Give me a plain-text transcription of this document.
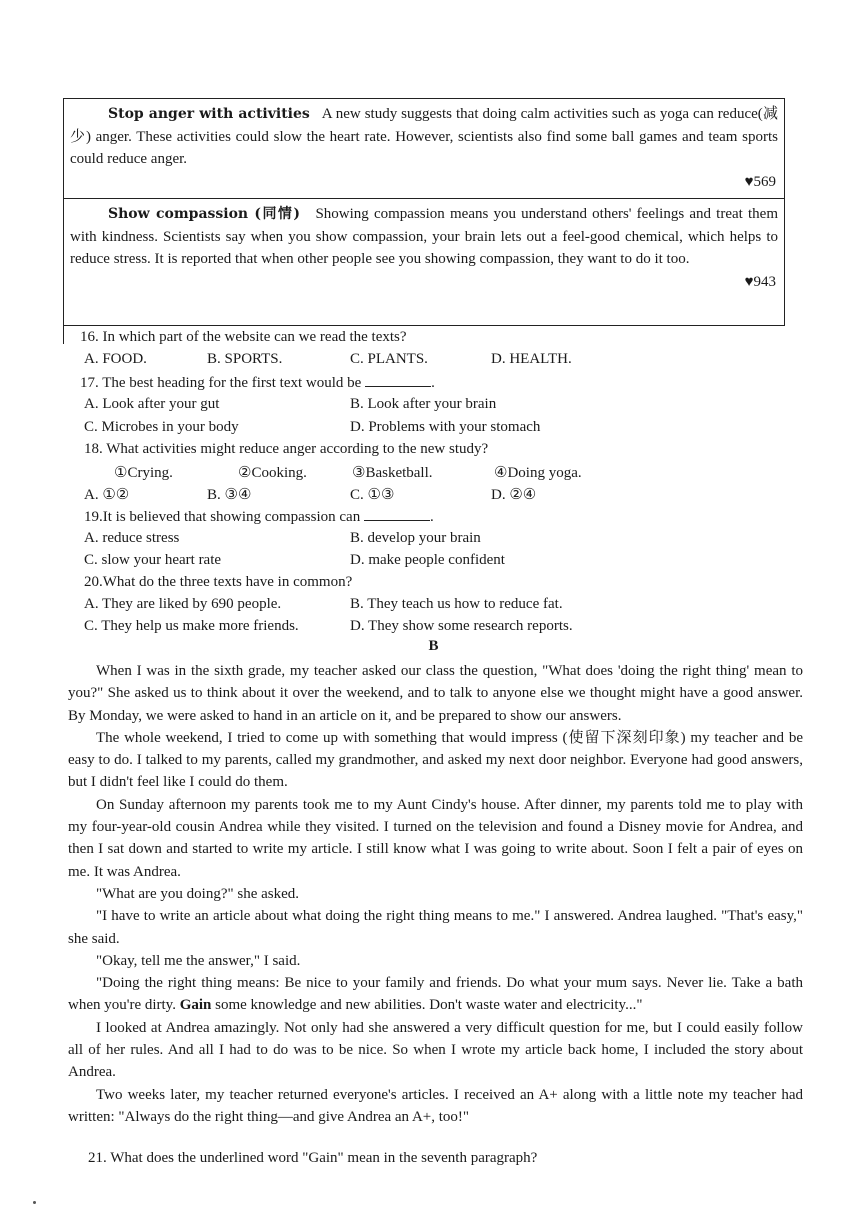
Stop anger with activities A new study suggests that doing calm activities such as yoga can reduce(减少) anger. These activities could slow the heart rate. However, scientists also find some ball games and team sports could reduce anger.
♥569
Show compassion (同情) Showing compassion means you understand others' feelings and treat them with kindness. Scientists say when you show compassion, your brain lets out a feel-good chemical, which helps to reduce stress. It is reported that when other people see you showing compassion, they want to do it too.
♥943
16. In which part of the website can we read the texts?
A. FOOD.	B. SPORTS.	C. PLANTS.	D. HEALTH.
17. The best heading for the first text would be	.
A. Look after your gut	B. Look after your brain
C. Microbes in your body	D. Problems with your stomach
18. What activities might reduce anger according to the new study?
①Crying.	②Cooking.	③Basketball.	④Doing yoga.
A. ①②	B. ③④	C. ①③	D. ②④
19.It is believed that showing compassion can	.
A. reduce stress	B. develop your brain
C. slow your heart rate	D. make people confident
20.What do the three texts have in common?
A. They are liked by 690 people.	B. They teach us how to reduce fat.
C. They help us make more friends.	D. They show some research reports.
B

When I was in the sixth grade, my teacher asked our class the question, "What does 'doing the right thing' mean to you?" She asked us to think about it over the weekend, and to talk to anyone else we thought might have a good answer. By Monday, we were asked to hand in an article on it, and be prepared to show our answers.

The whole weekend, I tried to come up with something that would impress (使留下深刻印象) my teacher and be easy to do. I talked to my parents, called my grandmother, and asked my next door neighbor. Everyone had good answers, but I didn't feel like I could do them.

On Sunday afternoon my parents took me to my Aunt Cindy's house. After dinner, my parents told me to play with my four-year-old cousin Andrea while they visited. I turned on the television and found a Disney movie for Andrea, and then I sat down and started to write my article. I still know what I was going to write about. Soon I felt a pair of eyes on me. It was Andrea.

"What are you doing?" she asked.

"I have to write an article about what doing the right thing means to me." I answered. Andrea laughed. "That's easy," she said.

"Okay, tell me the answer," I said.

"Doing the right thing means: Be nice to your family and friends. Do what your mum says. Never lie. Take a bath when you're dirty. Gain some knowledge and new abilities. Don't waste water and electricity..."

I looked at Andrea amazingly. Not only had she answered a very difficult question for me, but I could easily follow all of her rules. And all I had to do was to be nice. So when I wrote my article back home, I included the story about Andrea.

Two weeks later, my teacher returned everyone's articles. I received an A+ along with a little note my teacher had written: "Always do the right thing—and give Andrea an A+, too!"

21. What does the underlined word "Gain" mean in the seventh paragraph?
